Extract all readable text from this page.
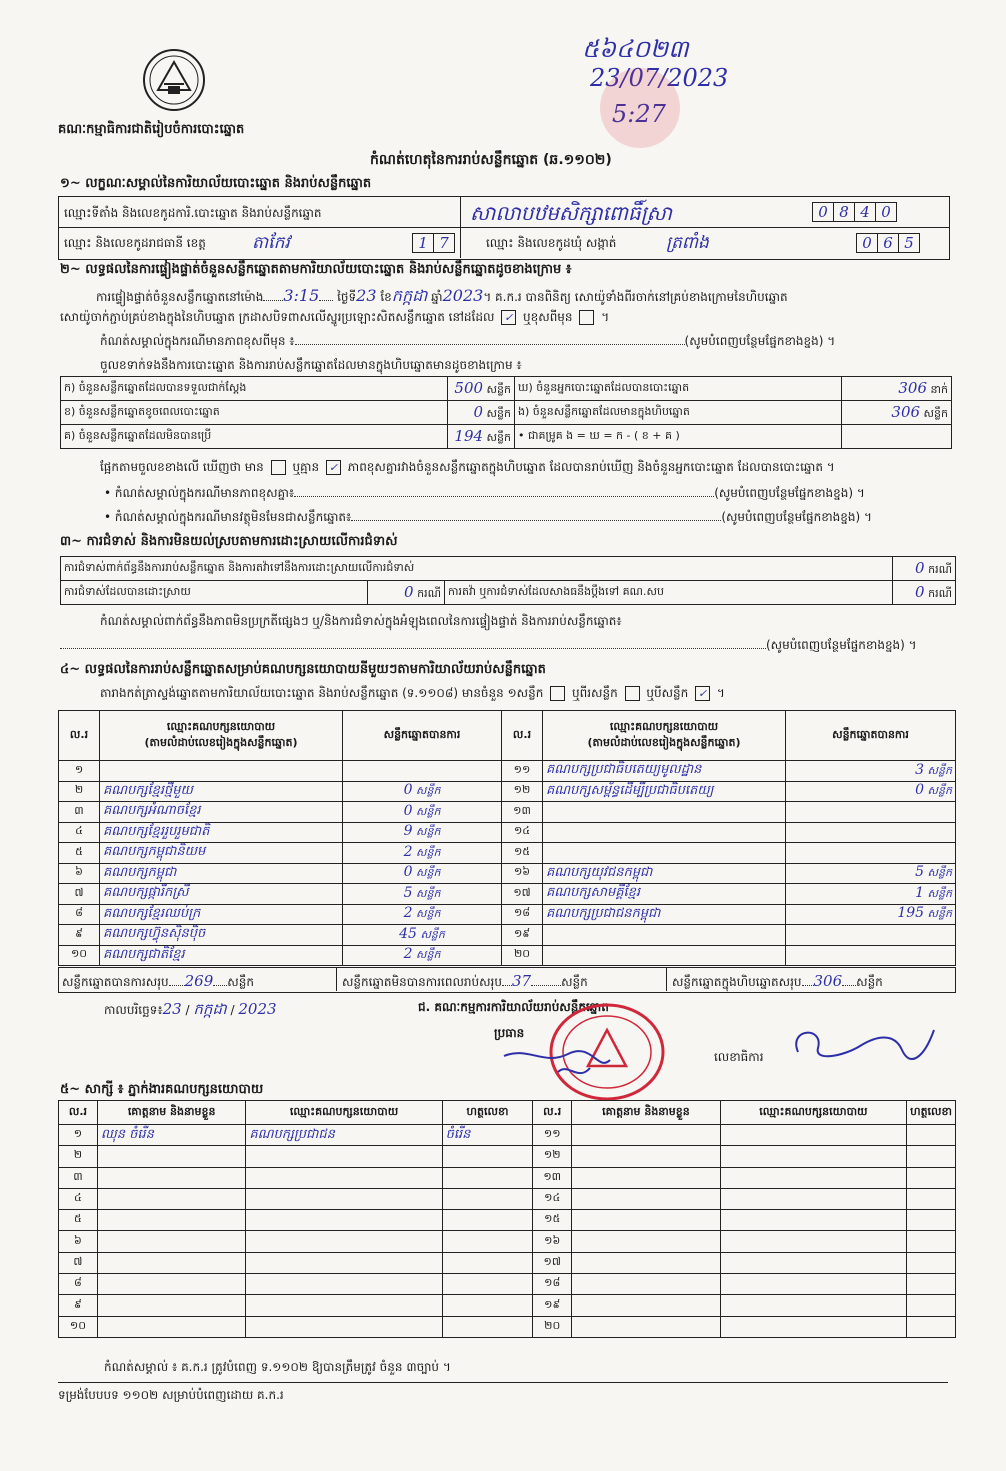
គណៈកម្មាធិការជាតិរៀបចំការបោះឆ្នោត
៥៦៤០២៣
23/07/2023
5:27
កំណត់ហេតុនៃការរាប់សន្លឹកឆ្នោត (ឆ.១១០២)
១~ លក្ខណៈសម្គាល់នៃការិយាល័យបោះឆ្នោត និងរាប់សន្លឹកឆ្នោត
ឈ្មោះទីតាំង និងលេខកូដការិ.បោះឆ្នោត និងរាប់សន្លឹកឆ្នោត	សាលាបឋមសិក្សាពោធិ៍ស្រា	0 8 4 0
ឈ្មោះ និងលេខកូដរាជធានី ខេត្ត	តាកែវ	1 7	ឈ្មោះ និងលេខកូដឃុំ សង្កាត់	ត្រពាំង	0 6 5
២~ លទ្ធផលនៃការផ្ទៀងផ្ទាត់ចំនួនសន្លឹកឆ្នោតតាមការិយាល័យបោះឆ្នោត និងរាប់សន្លឹកឆ្នោតដូចខាងក្រោម ៖
ការផ្ទៀងផ្ទាត់ចំនួនសន្លឹកឆ្នោតនៅម៉ោង 3:15 ថ្ងៃទី23 ខែកក្កដា ឆ្នាំ2023។ គ.ក.រ បានពិនិត្យ សោយ៉ូទាំងពីរចាក់នៅគ្រប់ខាងក្រោមនៃហិបឆ្នោត
សោយ៉ូចាក់ភ្ជាប់គ្រប់ខាងក្នុងនៃហិបឆ្នោត ក្រដាសបិទពាសលើស្នូរប្រឡោះសិតសន្លឹកឆ្នោត នៅដដែល ✓ ឬខុសពីមុន  ។
កំណត់សម្គាល់ក្នុងករណីមានភាពខុសពីមុន ៖	(សូមបំពេញបន្ថែមផ្នែកខាងខ្នង) ។
ចួលខទាក់ទងនឹងការបោះឆ្នោត និងការរាប់សន្លឹកឆ្នោតដែលមានក្នុងហិបឆ្នោតមានដូចខាងក្រោម ៖
ក) ចំនួនសន្លឹកឆ្នោតដែលបានទទួលជាក់ស្តែង	500 សន្លឹក	ឃ) ចំនួនអ្នកបោះឆ្នោតដែលបានបោះឆ្នោត	306 នាក់
ខ) ចំនួនសន្លឹកឆ្នោតខូចពេលបោះឆ្នោត	0 សន្លឹក	ង) ចំនួនសន្លឹកឆ្នោតដែលមានក្នុងហិបឆ្នោត	306 សន្លឹក
គ) ចំនួនសន្លឹកឆ្នោតដែលមិនបានប្រើ	194 សន្លឹក	• ជាគម្រូគ ង = ឃ = ក - ( ខ + គ )	
ផ្អែកតាមចួលខខាងលើ ឃើញថា មាន ឬគ្មាន ✓ ភាពខុសគ្នារវាងចំនួនសន្លឹកឆ្នោតក្នុងហិបឆ្នោត ដែលបានរាប់ឃើញ និងចំនួនអ្នកបោះឆ្នោត ដែលបានបោះឆ្នោត ។
• កំណត់សម្គាល់ក្នុងករណីមានភាពខុសគ្នា៖	(សូមបំពេញបន្ថែមផ្នែកខាងខ្នង) ។
• កំណត់សម្គាល់ក្នុងករណីមានវត្ថុមិនមែនជាសន្លឹកឆ្នោត៖	(សូមបំពេញបន្ថែមផ្នែកខាងខ្នង) ។
៣~ ការជំទាស់ និងការមិនយល់ស្របតាមការដោះស្រាយលើការជំទាស់
ការជំទាស់ពាក់ព័ន្ធនឹងការរាប់សន្លឹកឆ្នោត និងការតវ៉ាទៅនឹងការដោះស្រាយលើការជំទាស់			0 ករណី
ការជំទាស់ដែលបានដោះស្រាយ	0 ករណី	ការតវ៉ា ឬការជំទាស់ដែលសាងធនឹងប្តឹងទៅ គណ.សប	0 ករណី
កំណត់សម្គាល់ពាក់ព័ន្ធនឹងភាពមិនប្រក្រតីផ្សេងៗ ឬ/និងការជំទាស់ក្នុងអំឡុងពេលនៃការផ្ទៀងផ្ទាត់ និងការរាប់សន្លឹកឆ្នោត៖
(សូមបំពេញបន្ថែមផ្នែកខាងខ្នង) ។
៤~ លទ្ធផលនៃការរាប់សន្លឹកឆ្នោតសម្រាប់គណបក្សនយោបាយនីមួយៗតាមការិយាល័យរាប់សន្លឹកឆ្នោត
តារាងកត់ត្រាស្ទង់ឆ្នោតតាមការិយាល័យបោះឆ្នោត និងរាប់សន្លឹកឆ្នោត (ទ.១១០៨) មានចំនួន ១សន្លឹក ឬពីរសន្លឹក ឬបីសន្លឹក ✓ ។
ល.រ	ឈ្មោះគណបក្សនយោបាយ
(តាមលំដាប់លេខរៀងក្នុងសន្លឹកឆ្នោត)	សន្លឹកឆ្នោតបានការ	ល.រ	ឈ្មោះគណបក្សនយោបាយ
(តាមលំដាប់លេខរៀងក្នុងសន្លឹកឆ្នោត)	សន្លឹកឆ្នោតបានការ
១			១១	គណបក្សប្រជាធិបតេយ្យមូលដ្ឋាន	3 សន្លឹក
២	គណបក្សខ្មែរថ្មីមួយ	0 សន្លឹក	១២	គណបក្សសម្ព័ន្ធដើម្បីប្រជាធិបតេយ្យ	0 សន្លឹក
៣	គណបក្សអំណាចខ្មែរ	0 សន្លឹក	១៣		
៤	គណបក្សខ្មែររួបរួមជាតិ	9 សន្លឹក	១៤		
៥	គណបក្សកម្ពុជានិយម	2 សន្លឹក	១៥		
៦	គណបក្សកម្ពុជា	0 សន្លឹក	១៦	គណបក្សយុវជនកម្ពុជា	5 សន្លឹក
៧	គណបក្សផ្ការីកស្រី	5 សន្លឹក	១៧	គណបក្សសាមគ្គីខ្មែរ	1 សន្លឹក
៨	គណបក្សខ្មែរឈប់ក្រ	2 សន្លឹក	១៨	គណបក្សប្រជាជនកម្ពុជា	195 សន្លឹក
៩	គណបក្សហ៊្វុនស៊ិនប៉ិច	45 សន្លឹក	១៩		
១០	គណបក្សជាតិខ្មែរ	2 សន្លឹក	២០		
សន្លឹកឆ្នោតបានការសរុប 269 សន្លឹក	សន្លឹកឆ្នោតមិនបានការពេលរាប់សរុប 37	សន្លឹក	សន្លឹកឆ្នោតក្នុងហិបឆ្នោតសរុប 306 សន្លឹក
កាលបរិច្ឆេទ៖23 / កក្កដា / 2023	ជ. គណៈកម្មការការិយាល័យរាប់សន្លឹកឆ្នោត
ប្រធាន
លេខាធិការ
៥~ សាក្សី ៖ ភ្នាក់ងារគណបក្សនយោបាយ
ល.រ	គោត្តនាម និងនាមខ្លួន	ឈ្មោះគណបក្សនយោបាយ	ហត្ថលេខា	ល.រ	គោត្តនាម និងនាមខ្លួន	ឈ្មោះគណបក្សនយោបាយ	ហត្ថលេខា
១	ឈុន ចំរើន	គណបក្សប្រជាជន	ចំរើន	១១			
២				១២			
៣				១៣			
៤				១៤			
៥				១៥			
៦				១៦			
៧				១៧			
៨				១៨			
៩				១៩			
១០				២០			
កំណត់សម្គាល់ ៖ គ.ក.រ ត្រូវបំពេញ ទ.១១០២ ឱ្យបានត្រឹមត្រូវ ចំនួន ៣ច្បាប់ ។
ទម្រង់បែបបទ ១១០២ សម្រាប់បំពេញដោយ គ.ក.រ
